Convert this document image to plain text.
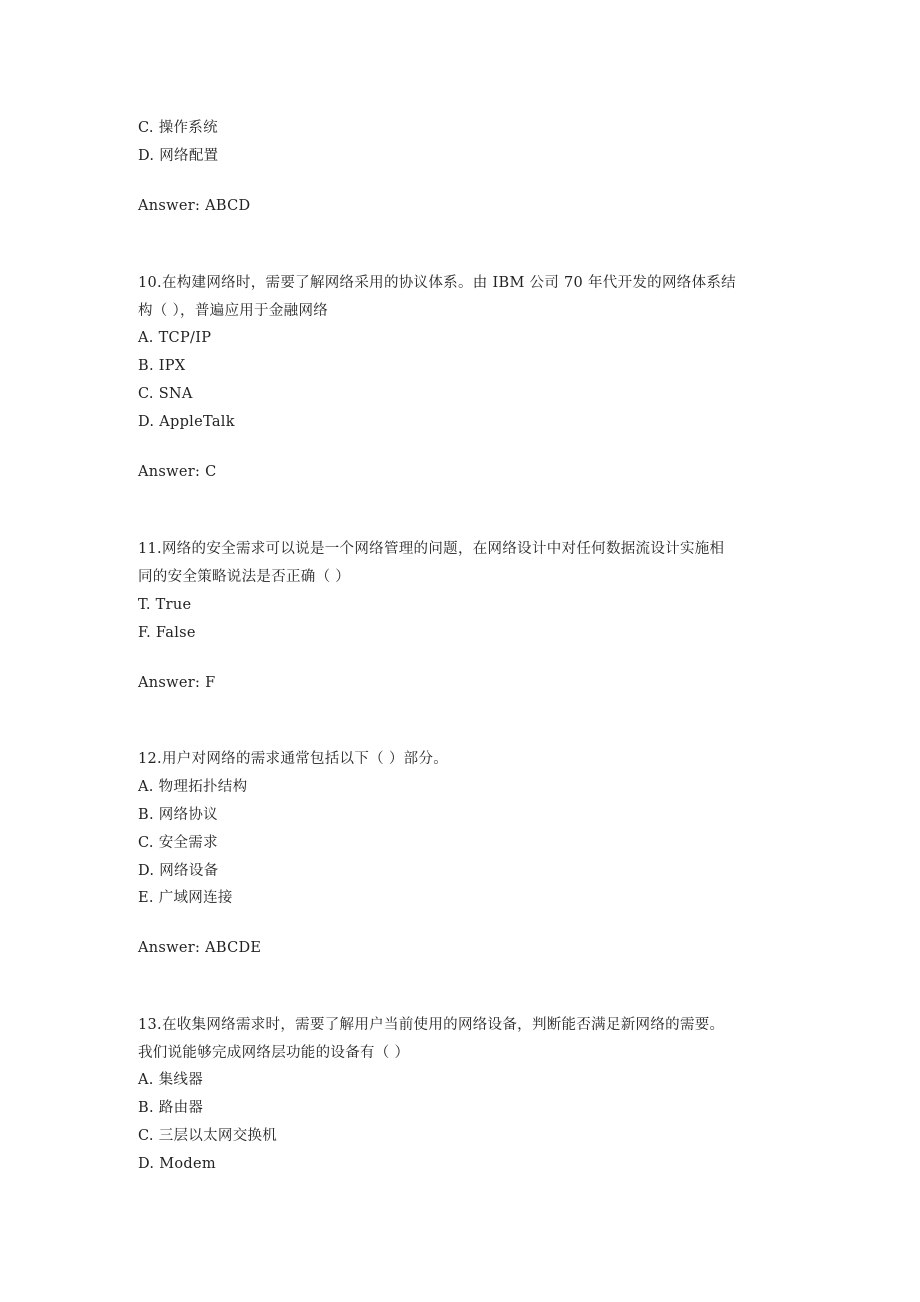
C. 操作系统
D. 网络配置
Answer: ABCD
10.在构建网络时，需要了解网络采用的协议体系。由 IBM 公司 70 年代开发的网络体系结
构（ ），普遍应用于金融网络
A. TCP/IP
B. IPX
C. SNA
D. AppleTalk
Answer: C
11.网络的安全需求可以说是一个网络管理的问题，在网络设计中对任何数据流设计实施相
同的安全策略说法是否正确（ ）
T. True
F. False
Answer: F
12.用户对网络的需求通常包括以下（ ）部分。
A. 物理拓扑结构
B. 网络协议
C. 安全需求
D. 网络设备
E. 广域网连接
Answer: ABCDE
13.在收集网络需求时，需要了解用户当前使用的网络设备，判断能否满足新网络的需要。
我们说能够完成网络层功能的设备有（ ）
A. 集线器
B. 路由器
C. 三层以太网交换机
D. Modem
